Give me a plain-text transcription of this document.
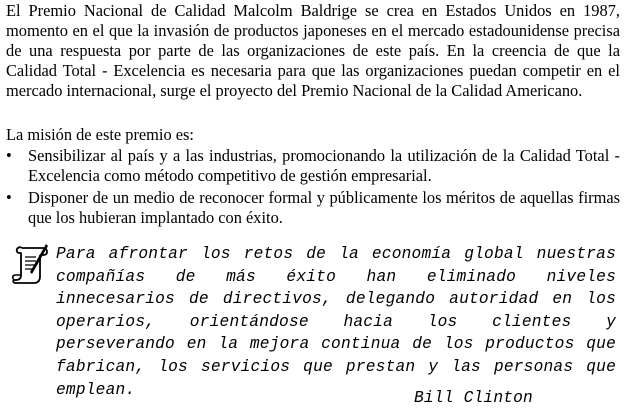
El Premio Nacional de Calidad Malcolm Baldrige se crea en Estados Unidos en 1987, momento en el que la invasión de productos japoneses en el mercado estadounidense precisa de una respuesta por parte de las organizaciones de este país. En la creencia de que la Calidad Total - Excelencia es necesaria para que las organizaciones puedan competir en el mercado internacional, surge el proyecto del Premio Nacional de la Calidad Americano.

La misión de este premio es:

• Sensibilizar al país y a las industrias, promocionando la utilización de la Calidad Total - Excelencia como método competitivo de gestión empresarial.
• Disponer de un medio de reconocer formal y públicamente los méritos de aquellas firmas que los hubieran implantado con éxito.

Para afrontar los retos de la economía global nuestras compañías de más éxito han eliminado niveles innecesarios de directivos, delegando autoridad en los operarios, orientándose hacia los clientes y perseverando en la mejora continua de los productos que fabrican, los servicios que prestan y las personas que emplean.	Bill Clinton
